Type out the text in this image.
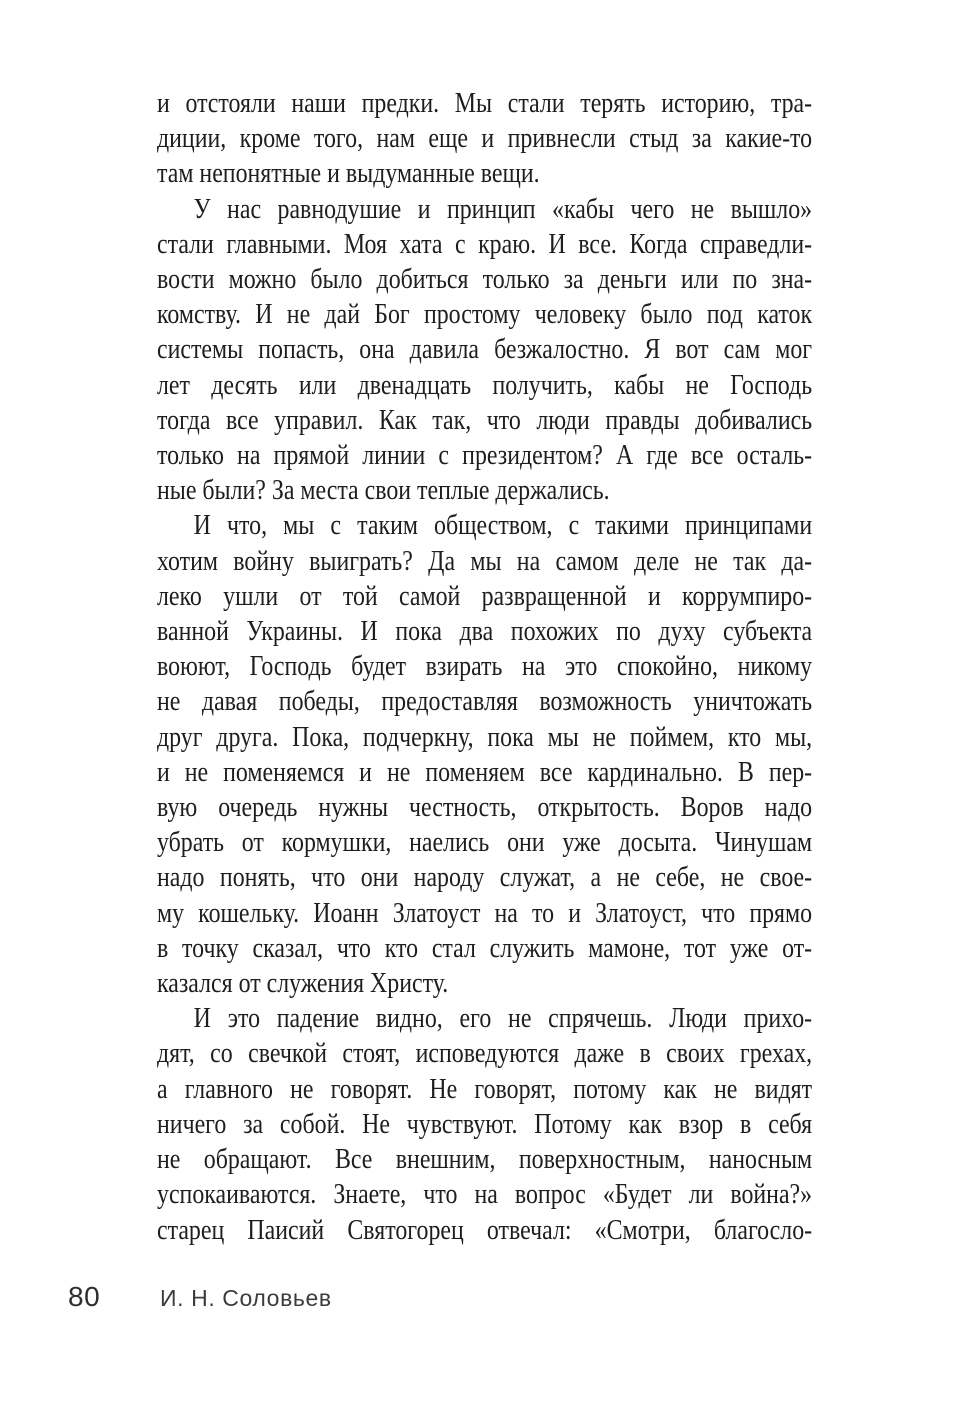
и отстояли наши предки. Мы стали терять историю, тра-
диции, кроме того, нам еще и привнесли стыд за какие-то
там непонятные и выдуманные вещи.
У нас равнодушие и принцип «кабы чего не вышло»
стали главными. Моя хата с краю. И все. Когда справедли-
вости можно было добиться только за деньги или по зна-
комству. И не дай Бог простому человеку было под каток
системы попасть, она давила безжалостно. Я вот сам мог
лет десять или двенадцать получить, кабы не Господь
тогда все управил. Как так, что люди правды добивались
только на прямой линии с президентом? А где все осталь-
ные были? За места свои теплые держались.
И что, мы с таким обществом, с такими принципами
хотим войну выиграть? Да мы на самом деле не так да-
леко ушли от той самой развращенной и коррумпиро-
ванной Украины. И пока два похожих по духу субъекта
воюют, Господь будет взирать на это спокойно, никому
не давая победы, предоставляя возможность уничтожать
друг друга. Пока, подчеркну, пока мы не поймем, кто мы,
и не поменяемся и не поменяем все кардинально. В пер-
вую очередь нужны честность, открытость. Воров надо
убрать от кормушки, наелись они уже досыта. Чинушам
надо понять, что они народу служат, а не себе, не свое-
му кошельку. Иоанн Златоуст на то и Златоуст, что прямо
в точку сказал, что кто стал служить мамоне, тот уже от-
казался от служения Христу.
И это падение видно, его не спрячешь. Люди прихо-
дят, со свечкой стоят, исповедуются даже в своих грехах,
а главного не говорят. Не говорят, потому как не видят
ничего за собой. Не чувствуют. Потому как взор в себя
не обращают. Все внешним, поверхностным, наносным
успокаиваются. Знаете, что на вопрос «Будет ли война?»
старец Паисий Святогорец отвечал: «Смотри, благосло-
80	И. Н. Соловьев
